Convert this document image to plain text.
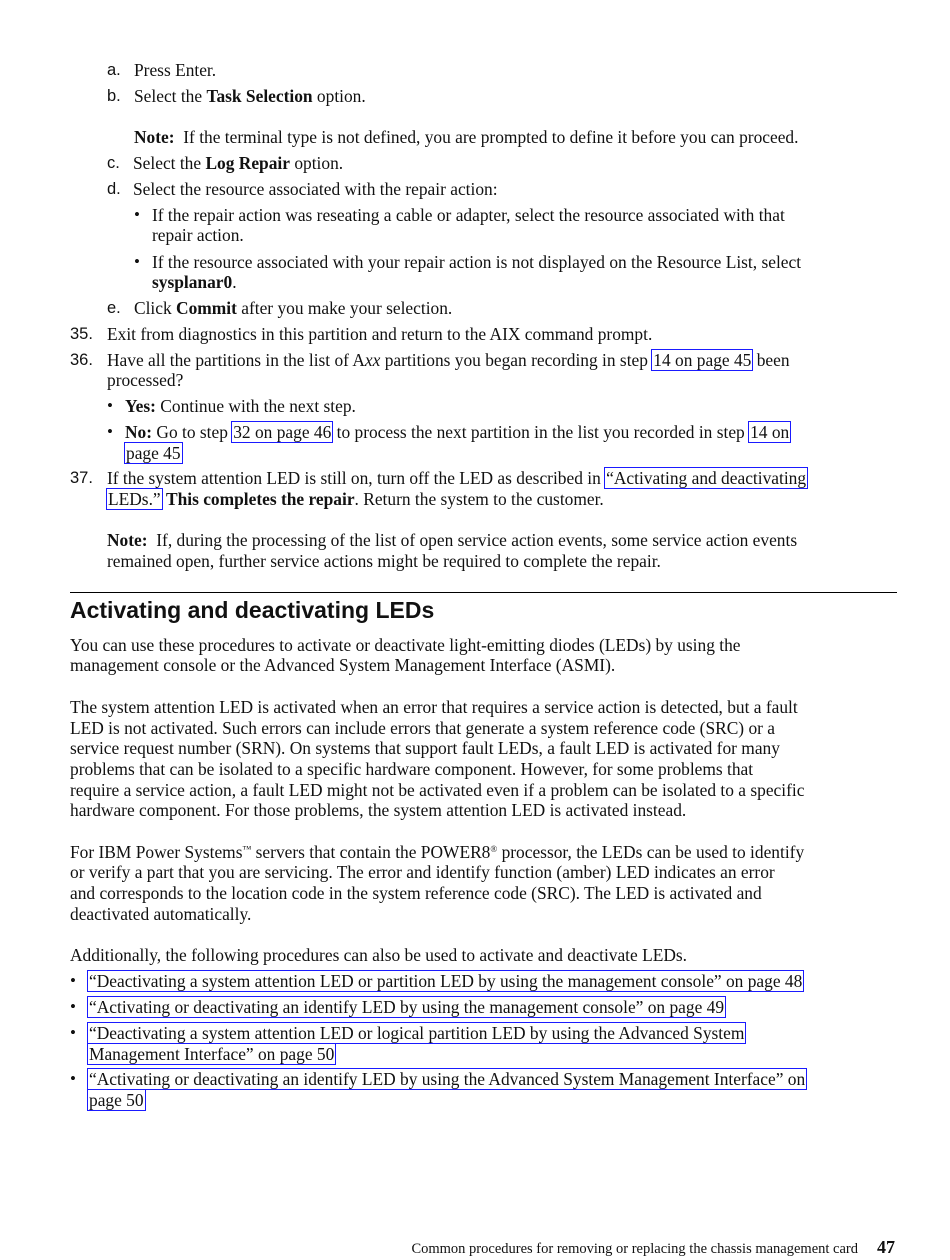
a. Press Enter.
b. Select the Task Selection option.
Note: If the terminal type is not defined, you are prompted to define it before you can proceed.
c. Select the Log Repair option.
d. Select the resource associated with the repair action:
• If the repair action was reseating a cable or adapter, select the resource associated with that
repair action.
• If the resource associated with your repair action is not displayed on the Resource List, select
sysplanar0.
e. Click Commit after you make your selection.
35. Exit from diagnostics in this partition and return to the AIX command prompt.
36. Have all the partitions in the list of Axx partitions you began recording in step 14 on page 45 been
processed?
• Yes: Continue with the next step.
• No: Go to step 32 on page 46 to process the next partition in the list you recorded in step 14 on
page 45
37. If the system attention LED is still on, turn off the LED as described in “Activating and deactivating
LEDs.” This completes the repair. Return the system to the customer.
Note: If, during the processing of the list of open service action events, some service action events
remained open, further service actions might be required to complete the repair.
Activating and deactivating LEDs
You can use these procedures to activate or deactivate light-emitting diodes (LEDs) by using the
management console or the Advanced System Management Interface (ASMI).
The system attention LED is activated when an error that requires a service action is detected, but a fault
LED is not activated. Such errors can include errors that generate a system reference code (SRC) or a
service request number (SRN). On systems that support fault LEDs, a fault LED is activated for many
problems that can be isolated to a specific hardware component. However, for some problems that
require a service action, a fault LED might not be activated even if a problem can be isolated to a specific
hardware component. For those problems, the system attention LED is activated instead.
For IBM Power Systems™ servers that contain the POWER8® processor, the LEDs can be used to identify
or verify a part that you are servicing. The error and identify function (amber) LED indicates an error
and corresponds to the location code in the system reference code (SRC). The LED is activated and
deactivated automatically.
Additionally, the following procedures can also be used to activate and deactivate LEDs.
• “Deactivating a system attention LED or partition LED by using the management console” on page 48
• “Activating or deactivating an identify LED by using the management console” on page 49
• “Deactivating a system attention LED or logical partition LED by using the Advanced System
Management Interface” on page 50
• “Activating or deactivating an identify LED by using the Advanced System Management Interface” on
page 50
Common procedures for removing or replacing the chassis management card 47
